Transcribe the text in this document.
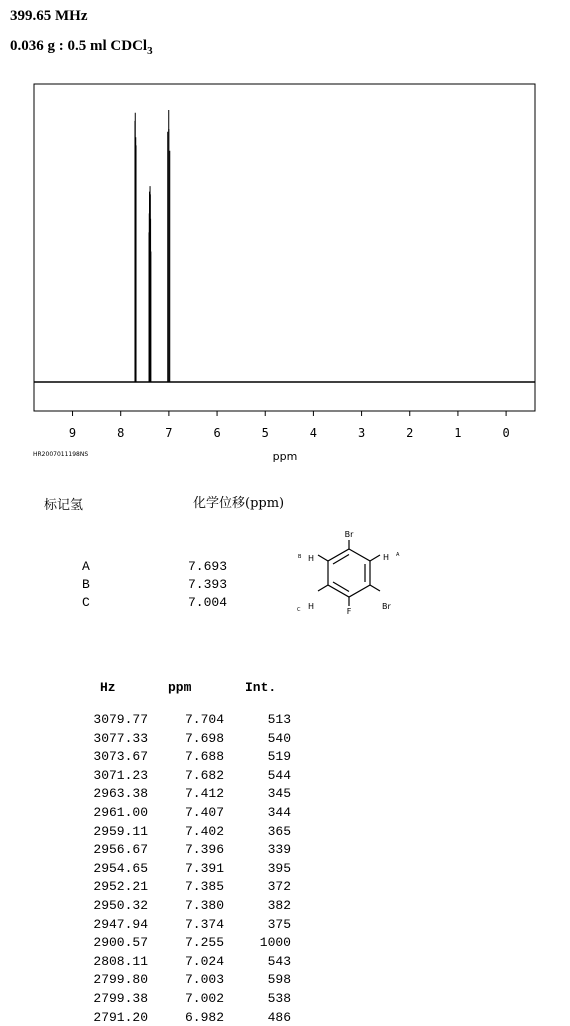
399.65 MHz
0.036 g : 0.5 ml CDCl$_3$
9	8	7	6	5	4	3	2	1	0
ppm
HR2007011198NS
标记氢	化学位移(ppm)
A	7.693
B	7.393
C	7.004
Br
Br
F
H A
H
B
H
C
Hz	ppm	Int.
3079.77	7.704	513
3077.33	7.698	540
3073.67	7.688	519
3071.23	7.682	544
2963.38	7.412	345
2961.00	7.407	344
2959.11	7.402	365
2956.67	7.396	339
2954.65	7.391	395
2952.21	7.385	372
2950.32	7.380	382
2947.94	7.374	375
2900.57	7.255	1000
2808.11	7.024	543
2799.80	7.003	598
2799.38	7.002	538
2791.20	6.982	486
